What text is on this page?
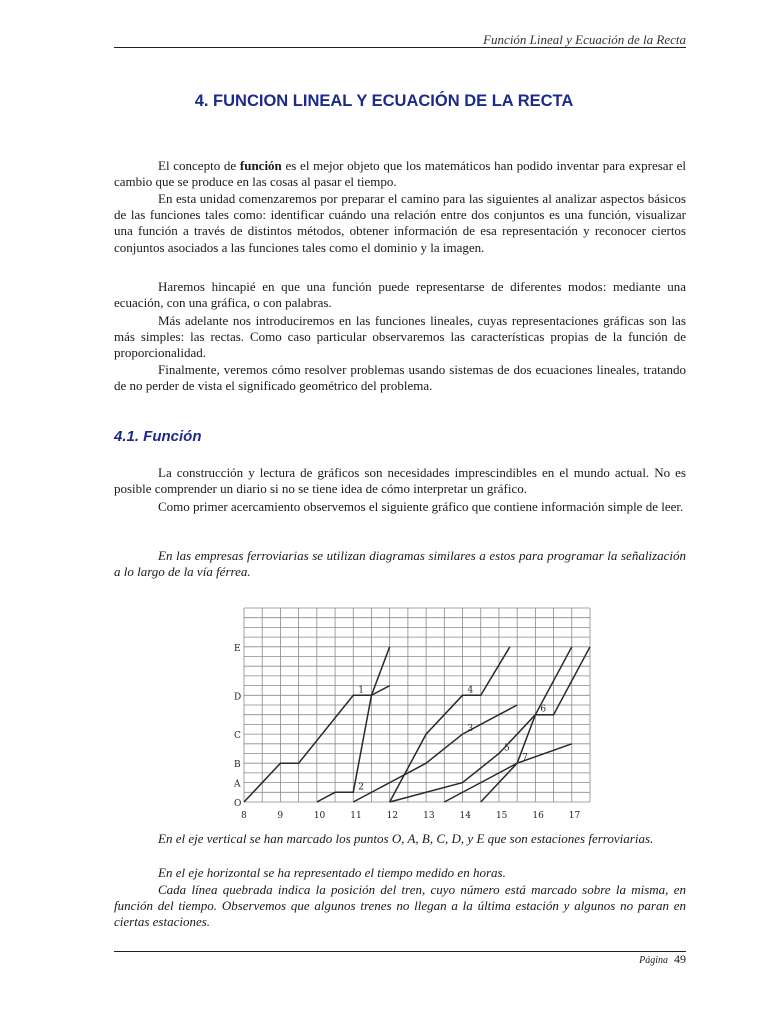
Función Lineal y Ecuación de la Recta
4. FUNCION LINEAL Y ECUACIÓN DE LA RECTA

El concepto de función es el mejor objeto que los matemáticos han podido inventar para expresar el cambio que se produce en las cosas al pasar el tiempo.

En esta unidad comenzaremos por preparar el camino para las siguientes al analizar aspectos básicos de las funciones tales como: identificar cuándo una relación entre dos conjuntos es una función, visualizar una función a través de distintos métodos, obtener información de esa representación y reconocer ciertos conjuntos asociados a las funciones tales como el dominio y la imagen.

Haremos hincapié en que una función puede representarse de diferentes modos: mediante una ecuación, con una gráfica, o con palabras.

Más adelante nos introduciremos en las funciones lineales, cuyas representaciones gráficas son las más simples: las rectas. Como caso particular observaremos las características propias de la función de proporcionalidad.

Finalmente, veremos cómo resolver problemas usando sistemas de dos ecuaciones lineales, tratando de no perder de vista el significado geométrico del problema.

4.1. Función

La construcción y lectura de gráficos son necesidades imprescindibles en el mundo actual. No es posible comprender un diario si no se tiene idea de cómo interpretar un gráfico.

Como primer acercamiento observemos el siguiente gráfico que contiene información simple de leer.

En las empresas ferroviarias se utilizan diagramas similares a estos para programar la señalización a lo largo de la vía férrea.

O
A
B
C
D
E
8	9	10	11	12	13	14	15	16	17
1
2
3
4
5
6
7

En el eje vertical se han marcado los puntos O, A, B, C, D, y E que son estaciones ferroviarias.

En el eje horizontal se ha representado el tiempo medido en horas.

Cada línea quebrada indica la posición del tren, cuyo número está marcado sobre la misma, en función del tiempo. Observemos que algunos trenes no llegan a la última estación y algunos no paran en ciertas estaciones.

Página 49
